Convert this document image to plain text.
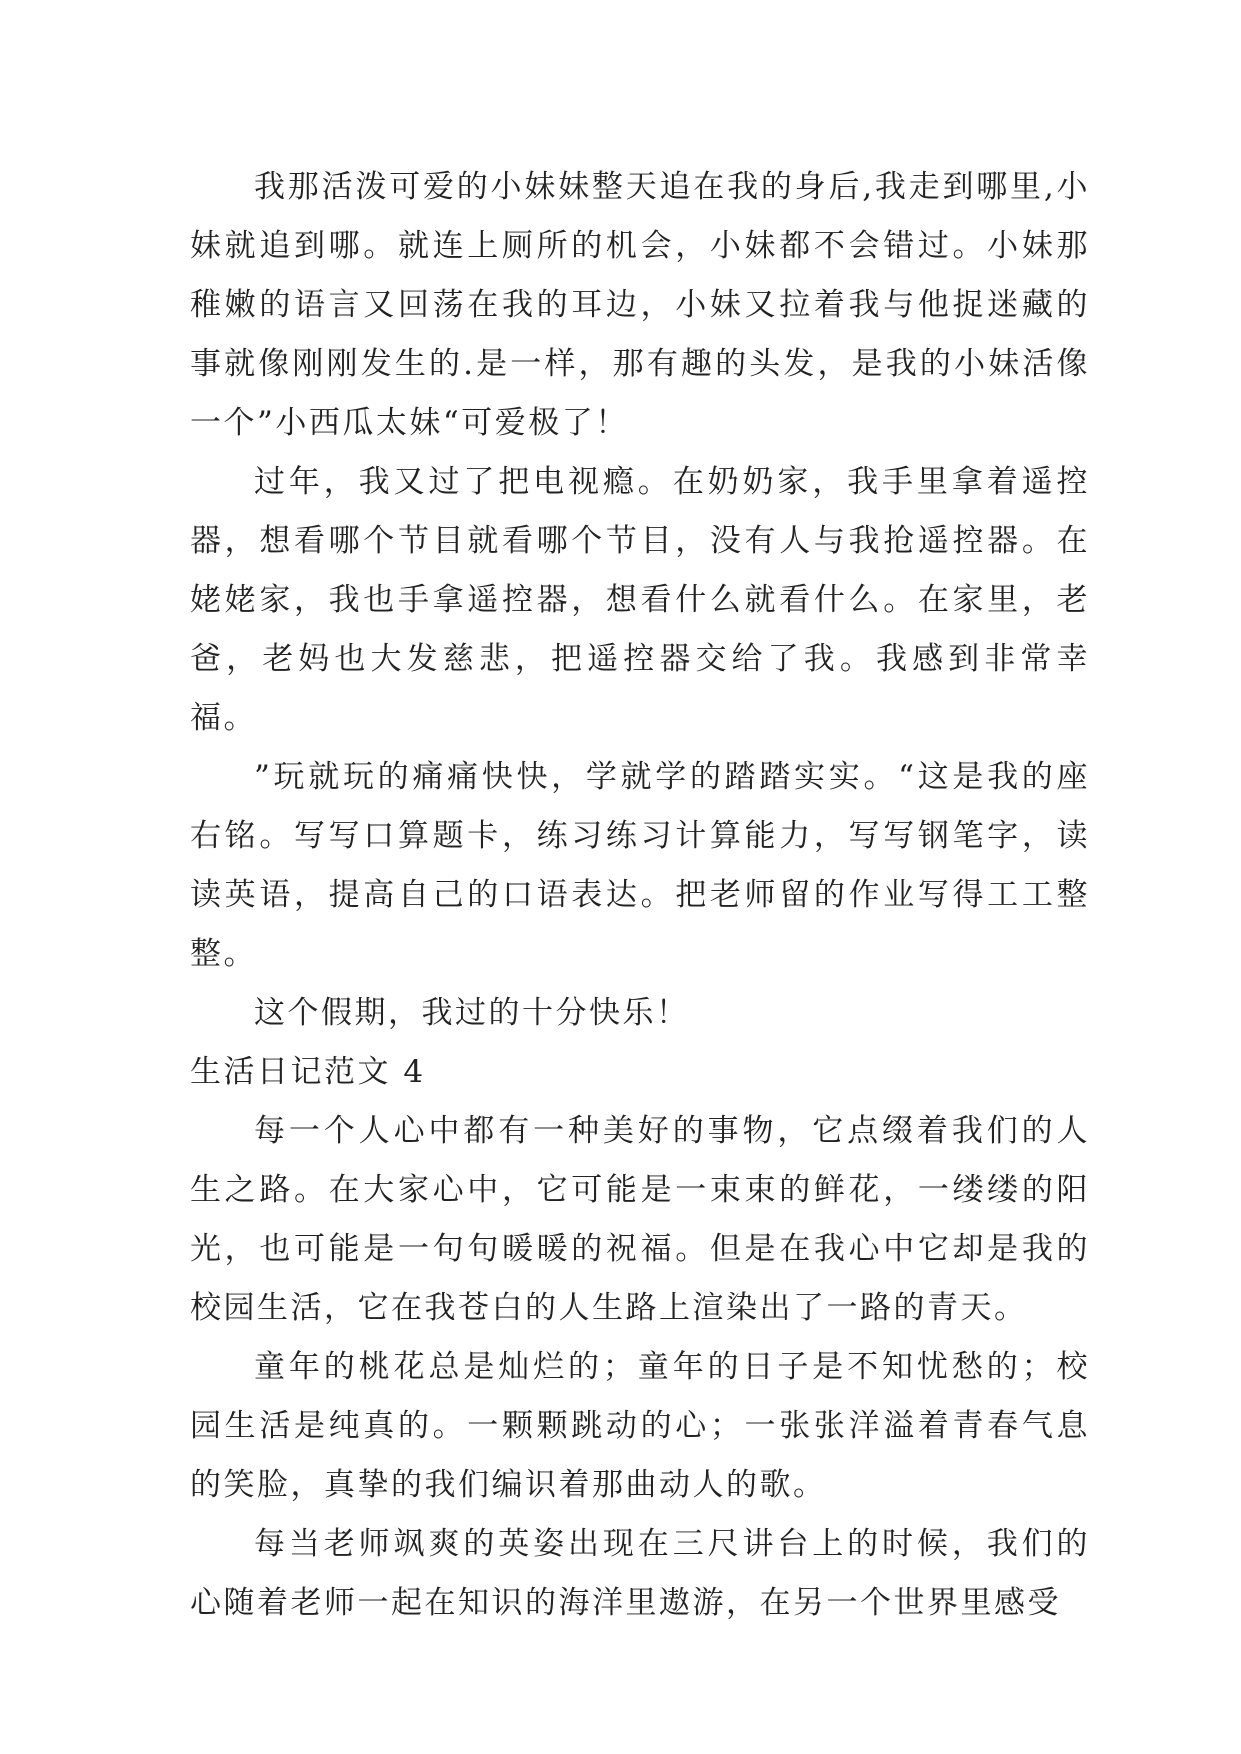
我那活泼可爱的小妹妹整天追在我的身后,我走到哪里,小妹就追到哪。就连上厕所的机会，小妹都不会错过。小妹那稚嫩的语言又回荡在我的耳边，小妹又拉着我与他捉迷藏的事就像刚刚发生的.是一样，那有趣的头发，是我的小妹活像一个”小西瓜太妹“可爱极了！

过年，我又过了把电视瘾。在奶奶家，我手里拿着遥控器，想看哪个节目就看哪个节目，没有人与我抢遥控器。在姥姥家，我也手拿遥控器，想看什么就看什么。在家里，老爸，老妈也大发慈悲，把遥控器交给了我。我感到非常幸福。

”玩就玩的痛痛快快，学就学的踏踏实实。“这是我的座右铭。写写口算题卡，练习练习计算能力，写写钢笔字，读读英语，提高自己的口语表达。把老师留的作业写得工工整整。

这个假期，我过的十分快乐！

生活日记范文 4

每一个人心中都有一种美好的事物，它点缀着我们的人生之路。在大家心中，它可能是一束束的鲜花，一缕缕的阳光，也可能是一句句暖暖的祝福。但是在我心中它却是我的校园生活，它在我苍白的人生路上渲染出了一路的青天。

童年的桃花总是灿烂的；童年的日子是不知忧愁的；校园生活是纯真的。一颗颗跳动的心；一张张洋溢着青春气息的笑脸，真挚的我们编识着那曲动人的歌。

每当老师飒爽的英姿出现在三尺讲台上的时候，我们的心随着老师一起在知识的海洋里遨游，在另一个世界里感受
